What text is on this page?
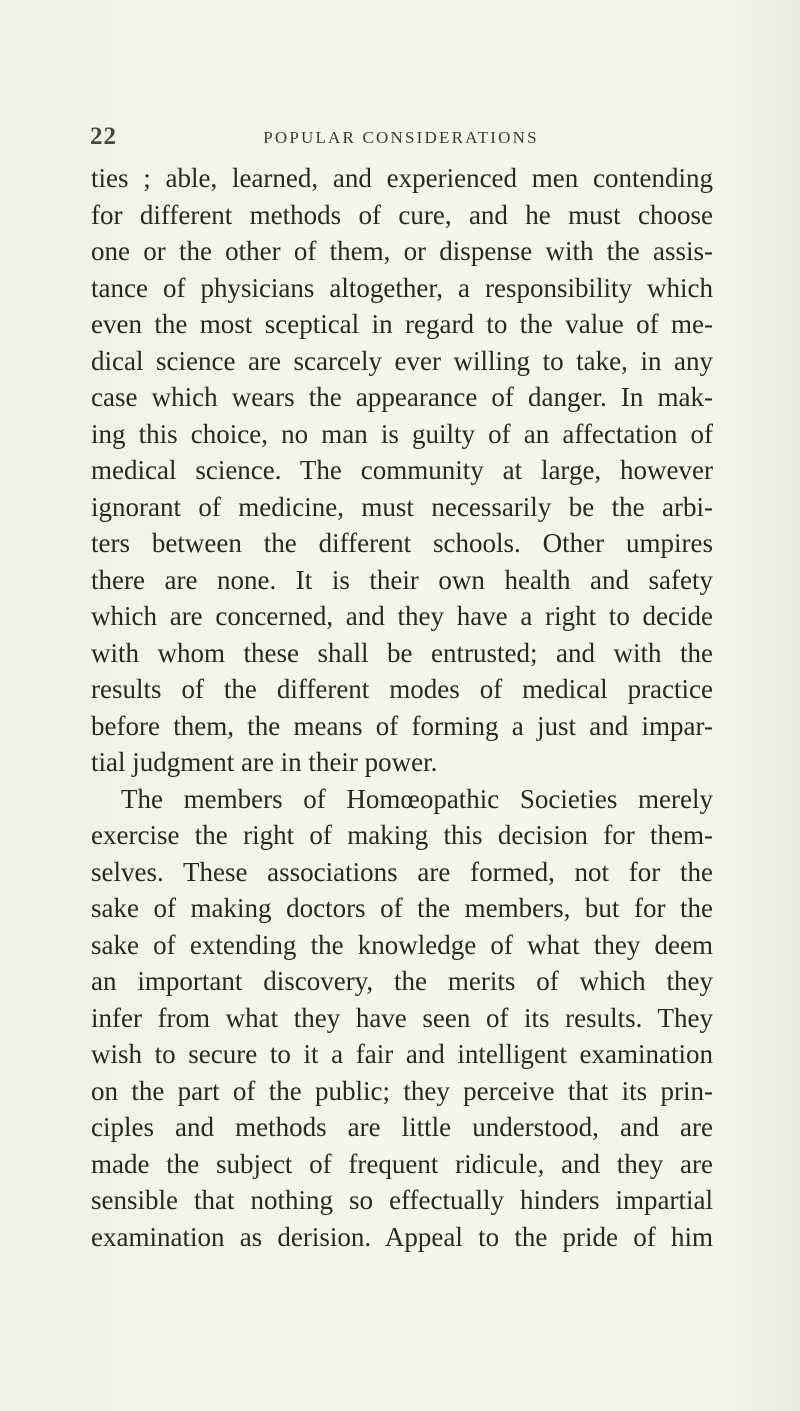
22	POPULAR CONSIDERATIONS
ties ; able, learned, and experienced men contending
for different methods of cure, and he must choose
one or the other of them, or dispense with the assis-
tance of physicians altogether, a responsibility which
even the most sceptical in regard to the value of me-
dical science are scarcely ever willing to take, in any
case which wears the appearance of danger. In mak-
ing this choice, no man is guilty of an affectation of
medical science. The community at large, however
ignorant of medicine, must necessarily be the arbi-
ters between the different schools. Other umpires
there are none. It is their own health and safety
which are concerned, and they have a right to decide
with whom these shall be entrusted; and with the
results of the different modes of medical practice
before them, the means of forming a just and impar-
tial judgment are in their power.
The members of Homœopathic Societies merely
exercise the right of making this decision for them-
selves. These associations are formed, not for the
sake of making doctors of the members, but for the
sake of extending the knowledge of what they deem
an important discovery, the merits of which they
infer from what they have seen of its results. They
wish to secure to it a fair and intelligent examination
on the part of the public; they perceive that its prin-
ciples and methods are little understood, and are
made the subject of frequent ridicule, and they are
sensible that nothing so effectually hinders impartial
examination as derision. Appeal to the pride of him
